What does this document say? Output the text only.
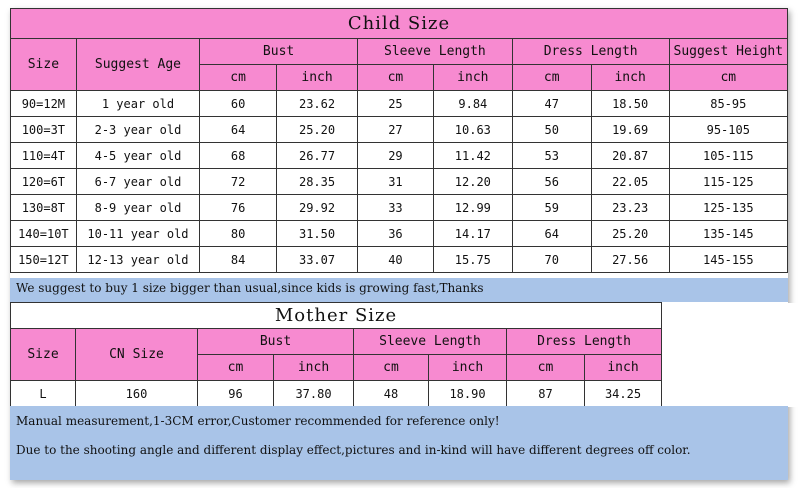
Child Size								
Size	Suggest Age	Bust		Sleeve Length		Dress Length		Suggest Height
		cm	inch	cm	inch	cm	inch	cm
90=12M	1 year old	60	23.62	25	9.84	47	18.50	85-95
100=3T	2-3 year old	64	25.20	27	10.63	50	19.69	95-105
110=4T	4-5 year old	68	26.77	29	11.42	53	20.87	105-115
120=6T	6-7 year old	72	28.35	31	12.20	56	22.05	115-125
130=8T	8-9 year old	76	29.92	33	12.99	59	23.23	125-135
140=10T	10-11 year old	80	31.50	36	14.17	64	25.20	135-145
150=12T	12-13 year old	84	33.07	40	15.75	70	27.56	145-155
We suggest to buy 1 size bigger than usual,since kids is growing fast,Thanks
Mother Size								
Size	CN Size	Bust		Sleeve Length		Dress Length		
		cm	inch	cm	inch	cm	inch	
L	160	96	37.80	48	18.90	87	34.25	
Manual measurement,1-3CM error,Customer recommended for reference only!
Due to the shooting angle and different display effect,pictures and in-kind will have different degrees off color.
